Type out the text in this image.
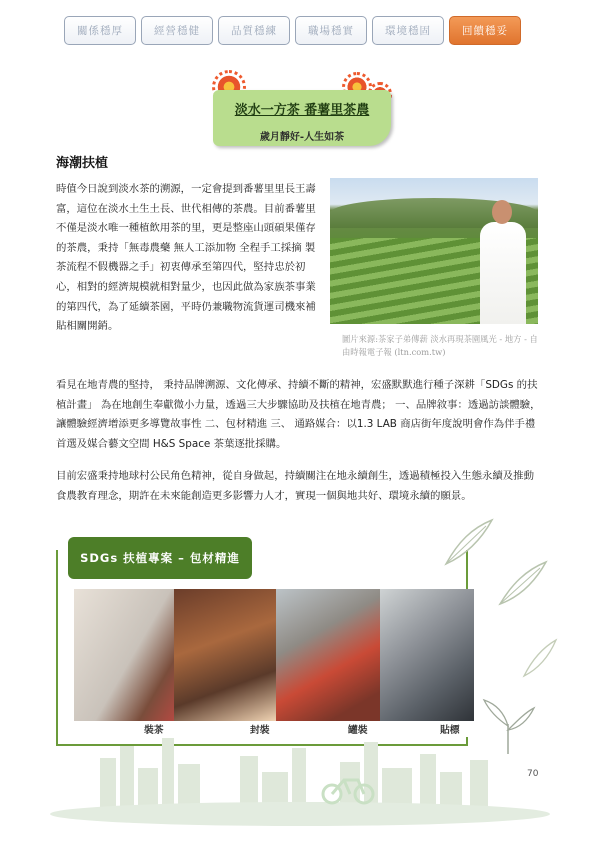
關係穩厚	經營穩健	品質穩練	職場穩實	環境穩固	回饋穩妥
淡水一方茶 番薯里茶農
歲月靜好-人生如茶
海潮扶植
時值今日說到淡水茶的溯源，一定會提到番薯里里長王壽富，這位在淡水土生土長、世代相傳的茶農。目前番薯里不僅是淡水唯一種植飲用茶的里，更是整座山頭碩果僅存的茶農，秉持「無毒農藥 無人工添加物 全程手工採摘 製茶流程不假機器之手」初衷傳承至第四代，堅持忠於初心，相對的經濟規模就相對量少，也因此做為家族茶事業的第四代，為了延續茶園，平時仍兼職物流貨運司機來補貼相關開銷。
圖片來源:茶家子弟傳薪 淡水再現茶園風光 - 地方 - 自由時報電子報 (ltn.com.tw)
看見在地青農的堅持， 秉持品牌溯源、文化傳承、持續不斷的精神，宏盛默默進行種子深耕「SDGs 的扶植計畫」 為在地創生奉獻微小力量，透過三大步驟協助及扶植在地青農； 一、品牌敘事：透過訪談體驗，讓體驗經濟增添更多導覽故事性 二、包材精進 三、 通路媒合：以1.3 LAB 商店街年度說明會作為伴手禮首選及媒合藝文空間 H&S Space 茶葉逐批採購。
目前宏盛秉持地球村公民角色精神，從自身做起，持續關注在地永續創生，透過積極投入生態永續及推動食農教育理念，期許在未來能創造更多影響力人才，實現一個與地共好、環境永續的願景。
SDGs 扶植專案 – 包材精進
裝茶	封裝	罐裝	貼標
70
